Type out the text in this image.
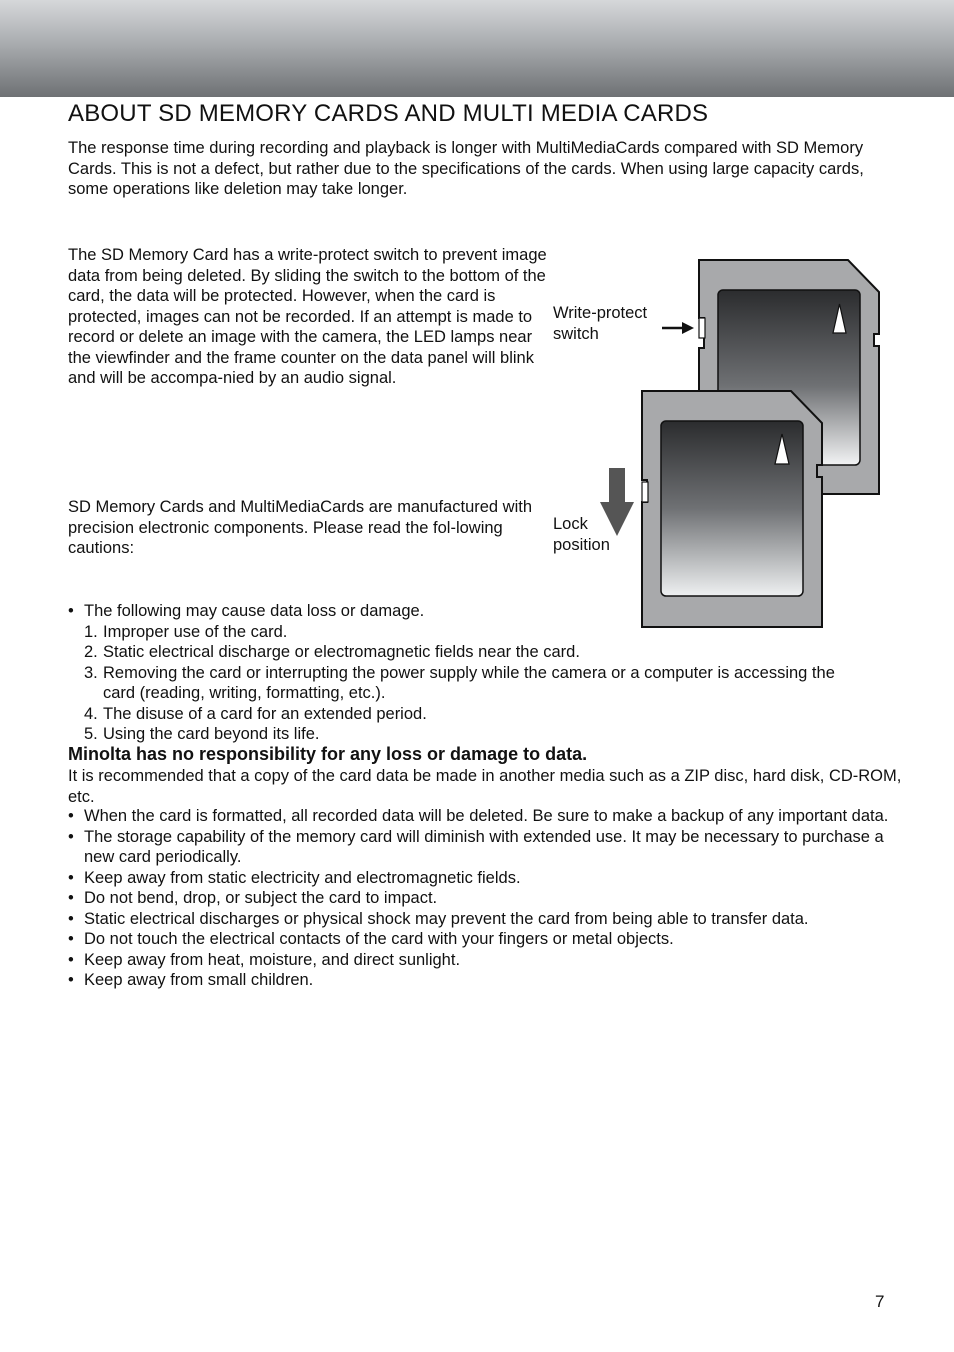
ABOUT SD MEMORY CARDS AND MULTI MEDIA CARDS

The response time during recording and playback is longer with MultiMediaCards compared with SD Memory Cards. This is not a defect, but rather due to the specifications of the cards. When using large capacity cards, some operations like deletion may take longer.

The SD Memory Card has a write-protect switch to prevent image data from being deleted. By sliding the switch to the bottom of the card, the data will be protected. However, when the card is protected, images can not be recorded. If an attempt is made to record or delete an image with the camera, the LED lamps near the viewfinder and the frame counter on the data panel will blink and will be accompa-nied by an audio signal.

SD Memory Cards and MultiMediaCards are manufactured with precision electronic components. Please read the fol-lowing cautions:

Write-protect switch
Lock position
• The following may cause data loss or damage.
1. Improper use of the card.
2. Static electrical discharge or electromagnetic fields near the card.
3. Removing the card or interrupting the power supply while the camera or a computer is accessing the card (reading, writing, formatting, etc.).
4. The disuse of a card for an extended period.
5. Using the card beyond its life.

Minolta has no responsibility for any loss or damage to data.

It is recommended that a copy of the card data be made in another media such as a ZIP disc, hard disk, CD-ROM, etc.

• When the card is formatted, all recorded data will be deleted. Be sure to make a backup of any important data.
• The storage capability of the memory card will diminish with extended use. It may be necessary to purchase a new card periodically.
• Keep away from static electricity and electromagnetic fields.
• Do not bend, drop, or subject the card to impact.
• Static electrical discharges or physical shock may prevent the card from being able to transfer data.
• Do not touch the electrical contacts of the card with your fingers or metal objects.
• Keep away from heat, moisture, and direct sunlight.
• Keep away from small children.
7
